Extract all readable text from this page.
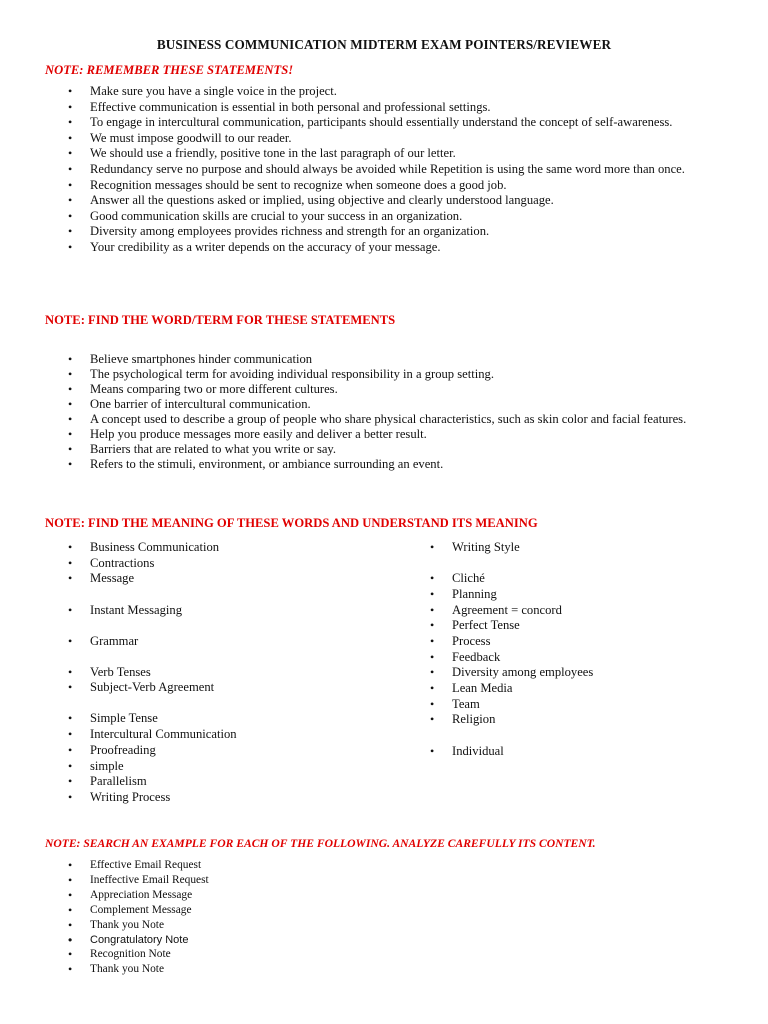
BUSINESS COMMUNICATION MIDTERM EXAM POINTERS/REVIEWER
NOTE: REMEMBER THESE STATEMENTS!
• Make sure you have a single voice in the project.
• Effective communication is essential in both personal and professional settings.
• To engage in intercultural communication, participants should essentially understand the concept of self-awareness.
• We must impose goodwill to our reader.
• We should use a friendly, positive tone in the last paragraph of our letter.
• Redundancy serve no purpose and should always be avoided while Repetition is using the same word more than once.
• Recognition messages should be sent to recognize when someone does a good job.
• Answer all the questions asked or implied, using objective and clearly understood language.
• Good communication skills are crucial to your success in an organization.
• Diversity among employees provides richness and strength for an organization.
• Your credibility as a writer depends on the accuracy of your message.
NOTE: FIND THE WORD/TERM FOR THESE STATEMENTS
• Believe smartphones hinder communication
• The psychological term for avoiding individual responsibility in a group setting.
• Means comparing two or more different cultures.
• One barrier of intercultural communication.
• A concept used to describe a group of people who share physical characteristics, such as skin color and facial features.
• Help you produce messages more easily and deliver a better result.
• Barriers that are related to what you write or say.
• Refers to the stimuli, environment, or ambiance surrounding an event.
NOTE: FIND THE MEANING OF THESE WORDS AND UNDERSTAND ITS MEANING
• Business Communication
• Contractions
• Message
• Instant Messaging
• Grammar
• Verb Tenses
• Subject-Verb Agreement
• Simple Tense
• Intercultural Communication
• Proofreading
• simple
• Parallelism
• Writing Process
• Writing Style
• Cliché
• Planning
• Agreement = concord
• Perfect Tense
• Process
• Feedback
• Diversity among employees
• Lean Media
• Team
• Religion
• Individual
NOTE: SEARCH AN EXAMPLE FOR EACH OF THE FOLLOWING. ANALYZE CAREFULLY ITS CONTENT.
• Effective Email Request
• Ineffective Email Request
• Appreciation Message
• Complement Message
• Thank you Note
• Congratulatory Note
• Recognition Note
• Thank you Note
